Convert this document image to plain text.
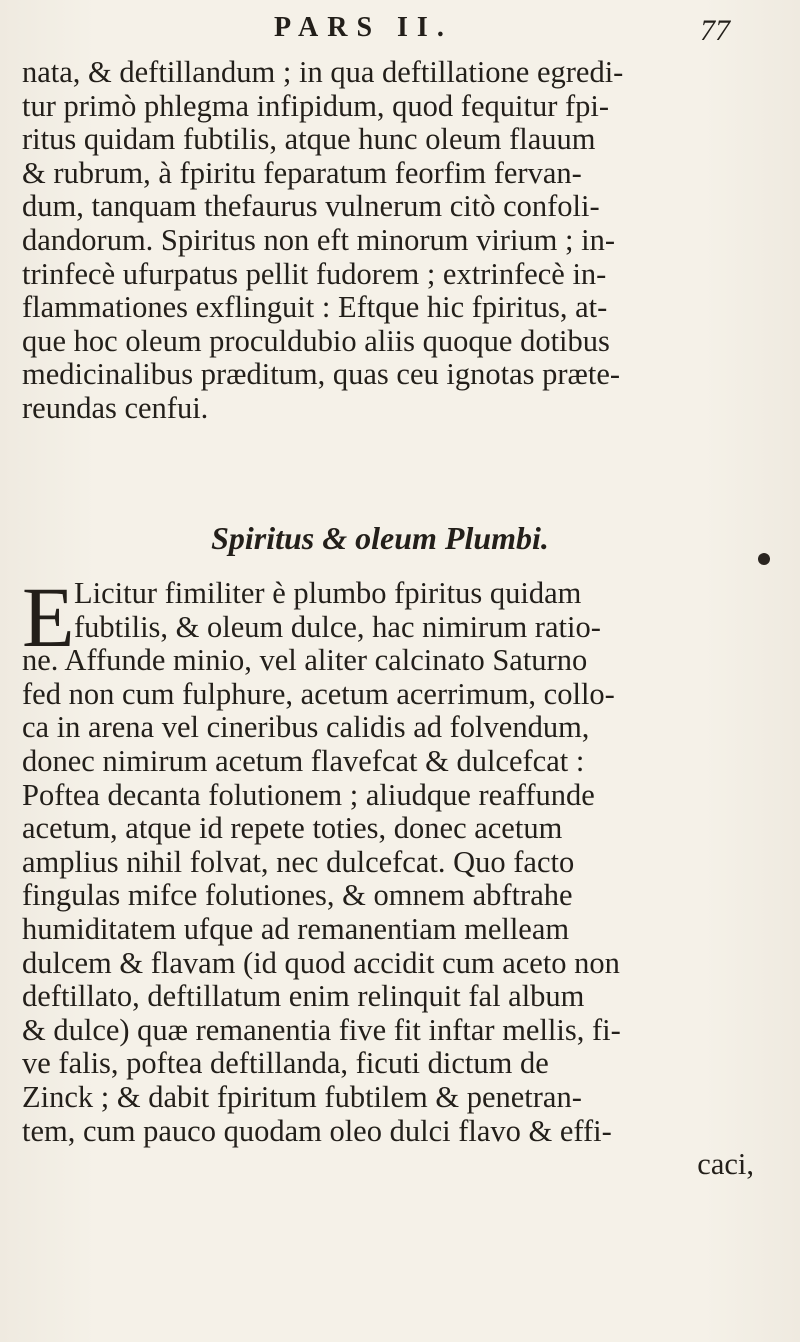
PARS II.	77
nata, & deftillandum ; in qua deftillatione egredi-
tur primò phlegma infipidum, quod fequitur fpi-
ritus quidam fubtilis, atque hunc oleum flauum
& rubrum, à fpiritu feparatum feorfim fervan-
dum, tanquam thefaurus vulnerum citò confoli-
dandorum. Spiritus non eft minorum virium ; in-
trinfecè ufurpatus pellit fudorem ; extrinfecè in-
flammationes exflinguit : Eftque hic fpiritus, at-
que hoc oleum proculdubio aliis quoque dotibus
medicinalibus præditum, quas ceu ignotas præte-
reundas cenfui.
Spiritus & oleum Plumbi.
E Licitur fimiliter è plumbo fpiritus quidam
fubtilis, & oleum dulce, hac nimirum ratio-
ne. Affunde minio, vel aliter calcinato Saturno
fed non cum fulphure, acetum acerrimum, collo-
ca in arena vel cineribus calidis ad folvendum,
donec nimirum acetum flavefcat & dulcefcat :
Poftea decanta folutionem ; aliudque reaffunde
acetum, atque id repete toties, donec acetum
amplius nihil folvat, nec dulcefcat. Quo facto
fingulas mifce folutiones, & omnem abftrahe
humiditatem ufque ad remanentiam melleam
dulcem & flavam (id quod accidit cum aceto non
deftillato, deftillatum enim relinquit fal album
& dulce) quæ remanentia five fit inftar mellis, fi-
ve falis, poftea deftillanda, ficuti dictum de
Zinck ; & dabit fpiritum fubtilem & penetran-
tem, cum pauco quodam oleo dulci flavo & effi-
caci,
